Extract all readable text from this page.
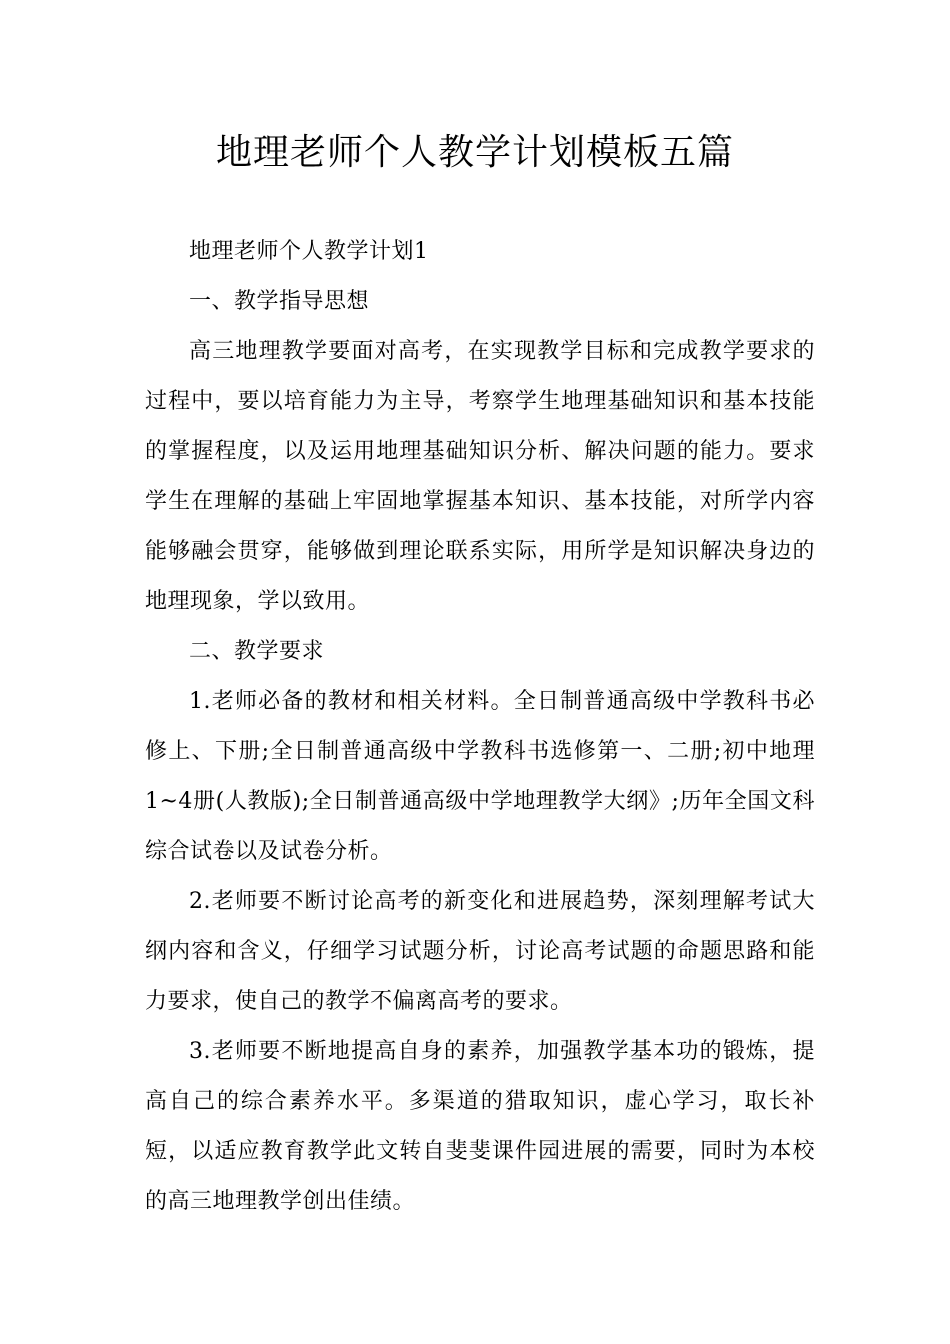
地理老师个人教学计划模板五篇

地理老师个人教学计划1

一、教学指导思想

高三地理教学要面对高考，在实现教学目标和完成教学要求的过程中，要以培育能力为主导，考察学生地理基础知识和基本技能的掌握程度，以及运用地理基础知识分析、解决问题的能力。要求学生在理解的基础上牢固地掌握基本知识、基本技能，对所学内容能够融会贯穿，能够做到理论联系实际，用所学是知识解决身边的地理现象，学以致用。

二、教学要求

1.老师必备的教材和相关材料。全日制普通高级中学教科书必修上、下册;全日制普通高级中学教科书选修第一、二册;初中地理1~4册(人教版);全日制普通高级中学地理教学大纲》;历年全国文科综合试卷以及试卷分析。

2.老师要不断讨论高考的新变化和进展趋势，深刻理解考试大纲内容和含义，仔细学习试题分析，讨论高考试题的命题思路和能力要求，使自己的教学不偏离高考的要求。

3.老师要不断地提高自身的素养，加强教学基本功的锻炼，提高自己的综合素养水平。多渠道的猎取知识，虚心学习，取长补短，以适应教育教学此文转自斐斐课件园进展的需要，同时为本校的高三地理教学创出佳绩。
